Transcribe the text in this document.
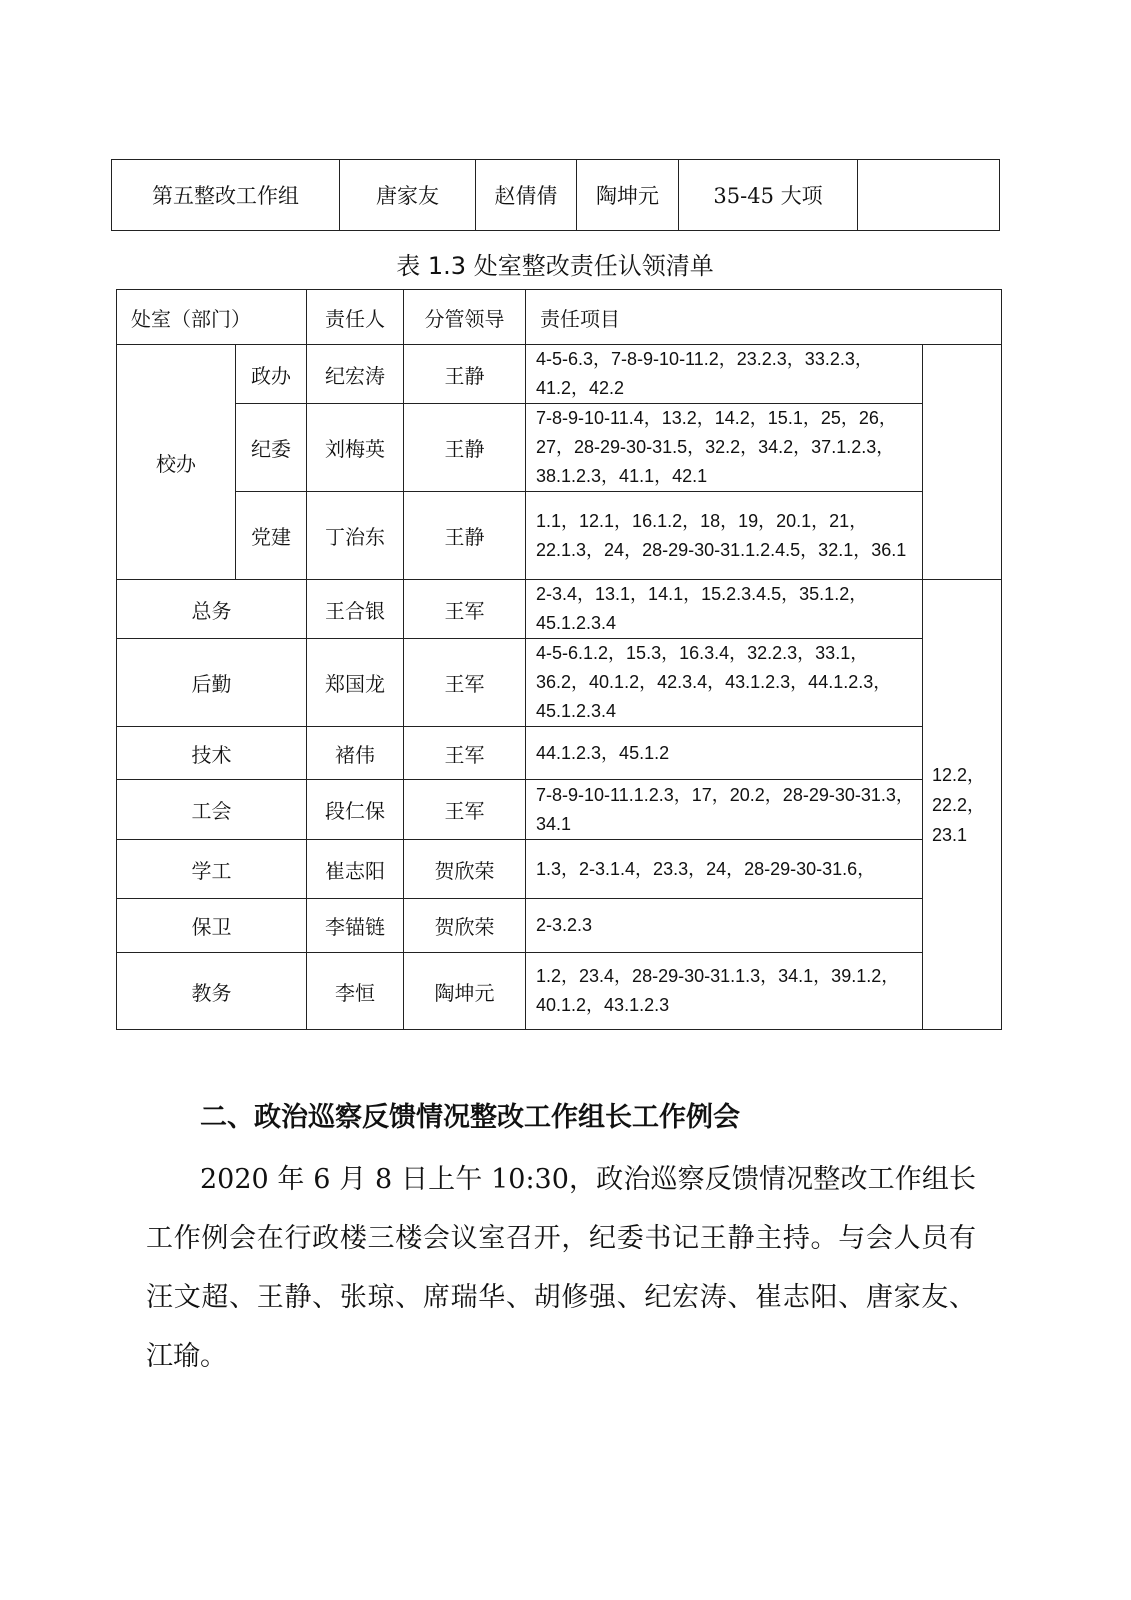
第五整改工作组	唐家友	赵倩倩	陶坤元	35-45 大项	
表 1.3 处室整改责任认领清单
处室（部门）		责任人	分管领导	责任项目	
校办	政办	纪宏涛	王静	4-5-6.3，7-8-9-10-11.2，23.2.3，33.2.3，41.2，42.2	
	纪委	刘梅英	王静	7-8-9-10-11.4，13.2，14.2，15.1，25，26，27，28-29-30-31.5，32.2，34.2，37.1.2.3，38.1.2.3，41.1，42.1	
	党建	丁治东	王静	1.1，12.1，16.1.2，18，19，20.1，21，22.1.3，24，28-29-30-31.1.2.4.5，32.1，36.1	
总务		王合银	王军	2-3.4，13.1，14.1，15.2.3.4.5，35.1.2，45.1.2.3.4	12.2，22.2，23.1
后勤		郑国龙	王军	4-5-6.1.2，15.3，16.3.4，32.2.3，33.1，36.2，40.1.2，42.3.4，43.1.2.3，44.1.2.3，45.1.2.3.4	
技术		褚伟	王军	44.1.2.3，45.1.2	
工会		段仁保	王军	7-8-9-10-11.1.2.3，17，20.2，28-29-30-31.3，34.1	
学工		崔志阳	贺欣荣	1.3，2-3.1.4，23.3，24，28-29-30-31.6，	
保卫		李锚链	贺欣荣	2-3.2.3	
教务		李恒	陶坤元	1.2，23.4，28-29-30-31.1.3，34.1，39.1.2，40.1.2，43.1.2.3	
二、政治巡察反馈情况整改工作组长工作例会

2020 年 6 月 8 日上午 10:30，政治巡察反馈情况整改工作组长工作例会在行政楼三楼会议室召开，纪委书记王静主持。与会人员有汪文超、王静、张琼、席瑞华、胡修强、纪宏涛、崔志阳、唐家友、江瑜。
